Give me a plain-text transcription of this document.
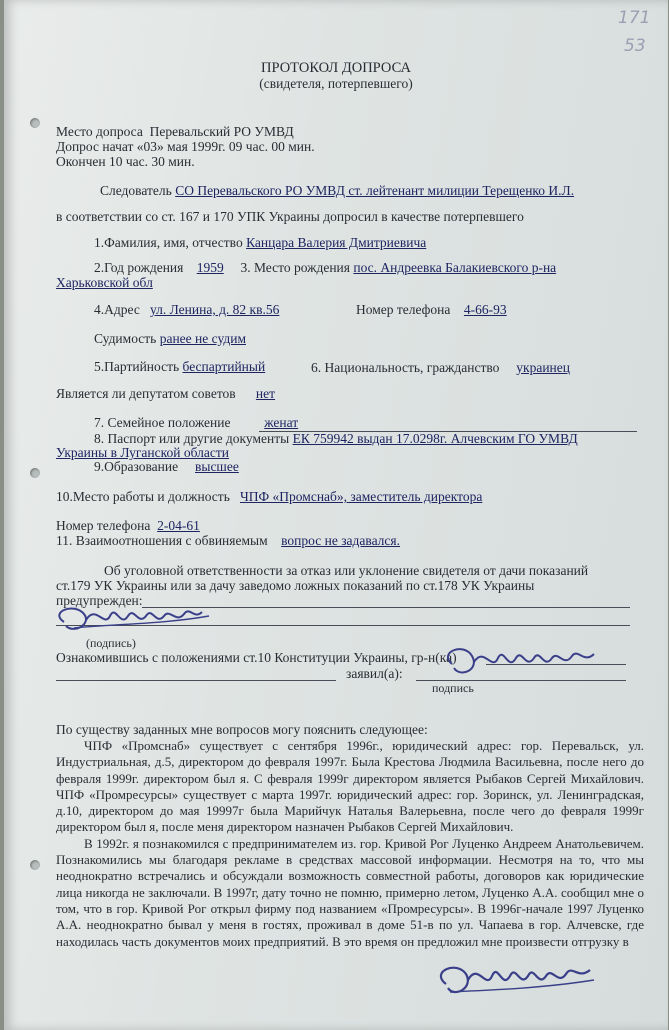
171
53
ПРОТОКОЛ ДОПРОСА
(свидетеля, потерпевшего)
Место допроса Перевальский РО УМВД
Допрос начат «03» мая 1999г. 09 час. 00 мин.
Окончен 10 час. 30 мин.
Следователь СО Перевальского РО УМВД ст. лейтенант милиции Терещенко И.Л.
в соответствии со ст. 167 и 170 УПК Украины допросил в качестве потерпевшего
1.Фамилия, имя, отчество Канцара Валерия Дмитриевича
2.Год рождения 1959 3. Место рождения пос. Андреевка Балакиевского р-на
Харьковской обл
4.Адрес ул. Ленина, д. 82 кв.56	Номер телефона 4-66-93
Судимость ранее не судим
5.Партийность беспартийный	6. Национальность, гражданство украинец
Является ли депутатом советов нет
7. Семейное положение	женат
8. Паспорт или другие документы ЕК 759942 выдан 17.0298г. Алчевским ГО УМВД
Украины в Луганской области
9.Образование высшее
10.Место работы и должность ЧПФ «Промснаб», заместитель директора
Номер телефона 2-04-61
11. Взаимоотношения с обвиняемым вопрос не задавался.
Об уголовной ответственности за отказ или уклонение свидетеля от дачи показаний
ст.179 УК Украины или за дачу заведомо ложных показаний по ст.178 УК Украины
предупрежден:
(подпись)
Ознакомившись с положениями ст.10 Конституции Украины, гр-н(ка)
заявил(а):
подпись
По существу заданных мне вопросов могу пояснить следующее:

ЧПФ «Промснаб» существует с сентября 1996г., юридический адрес: гор. Перевальск, ул. Индустриальная, д.5, директором до февраля 1997г. Была Крестова Людмила Васильевна, после него до февраля 1999г. директором был я. С февраля 1999г директором является Рыбаков Сергей Михайлович. ЧПФ «Промресурсы» существует с марта 1997г. юридический адрес: гор. Зоринск, ул. Ленинградская, д.10, директором до мая 19997г была Марийчук Наталья Валерьевна, после чего до февраля 1999г директором был я, после меня директором назначен Рыбаков Сергей Михайлович.

В 1992г. я познакомился с предпринимателем из. гор. Кривой Рог Луценко Андреем Анатольевичем. Познакомились мы благодаря рекламе в средствах массовой информации. Несмотря на то, что мы неоднократно встречались и обсуждали возможность совместной работы, договоров как юридические лица никогда не заключали. В 1997г, дату точно не помню, примерно летом, Луценко А.А. сообщил мне о том, что в гор. Кривой Рог открыл фирму под названием «Промресурсы». В 1996г-начале 1997 Луценко А.А. неоднократно бывал у меня в гостях, проживал в доме 51-в по ул. Чапаева в гор. Алчевске, где находилась часть документов моих предприятий. В это время он предложил мне произвести отгрузку в
